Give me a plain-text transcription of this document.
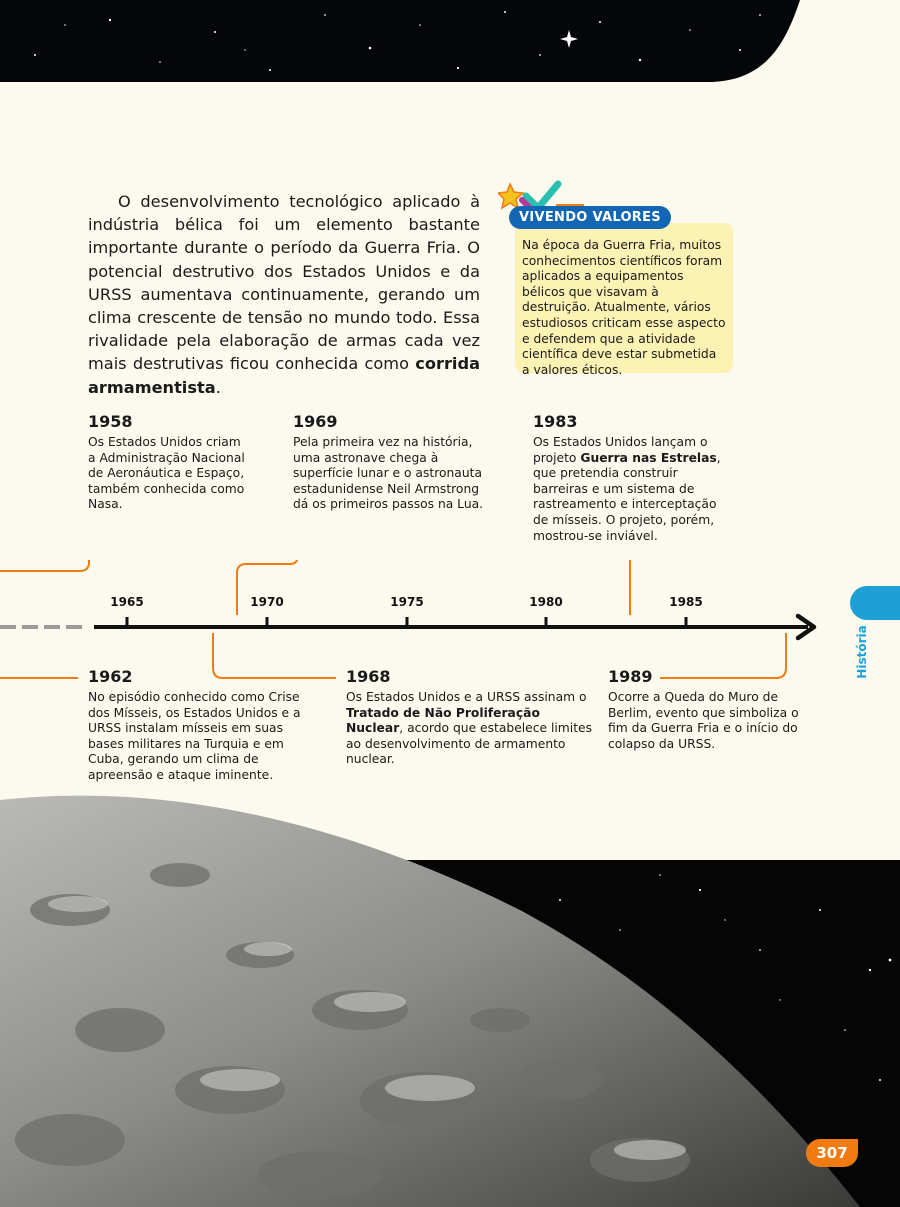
O desenvolvimento tecnológico aplicado à indústria bélica foi um elemento bastante importante durante o período da Guerra Fria. O potencial destrutivo dos Estados Unidos e da URSS aumentava continuamente, gerando um clima crescente de tensão no mundo todo. Essa rivalidade pela elaboração de armas cada vez mais destrutivas ficou conhecida como corrida armamentista.

Na época da Guerra Fria, muitos conhecimentos científicos foram aplicados a equipamentos bélicos que visavam à destruição. Atualmente, vários estudiosos criticam esse aspecto e defendem que a atividade científica deve estar submetida a valores éticos.
VIVENDO VALORES
1965	1970	1975	1980	1985
1958
Os Estados Unidos criam a Administração Nacional de Aeronáutica e Espaço, também conhecida como Nasa.
1969
Pela primeira vez na história, uma astronave chega à superfície lunar e o astronauta estadunidense Neil Armstrong dá os primeiros passos na Lua.
1983
Os Estados Unidos lançam o projeto Guerra nas Estrelas, que pretendia construir barreiras e um sistema de rastreamento e interceptação de mísseis. O projeto, porém, mostrou-se inviável.
1962
No episódio conhecido como Crise dos Mísseis, os Estados Unidos e a URSS instalam mísseis em suas bases militares na Turquia e em Cuba, gerando um clima de apreensão e ataque iminente.
1968
Os Estados Unidos e a URSS assinam o Tratado de Não Proliferação Nuclear, acordo que estabelece limites ao desenvolvimento de armamento nuclear.
1989
Ocorre a Queda do Muro de Berlim, evento que simboliza o fim da Guerra Fria e o início do colapso da URSS.
História
307
